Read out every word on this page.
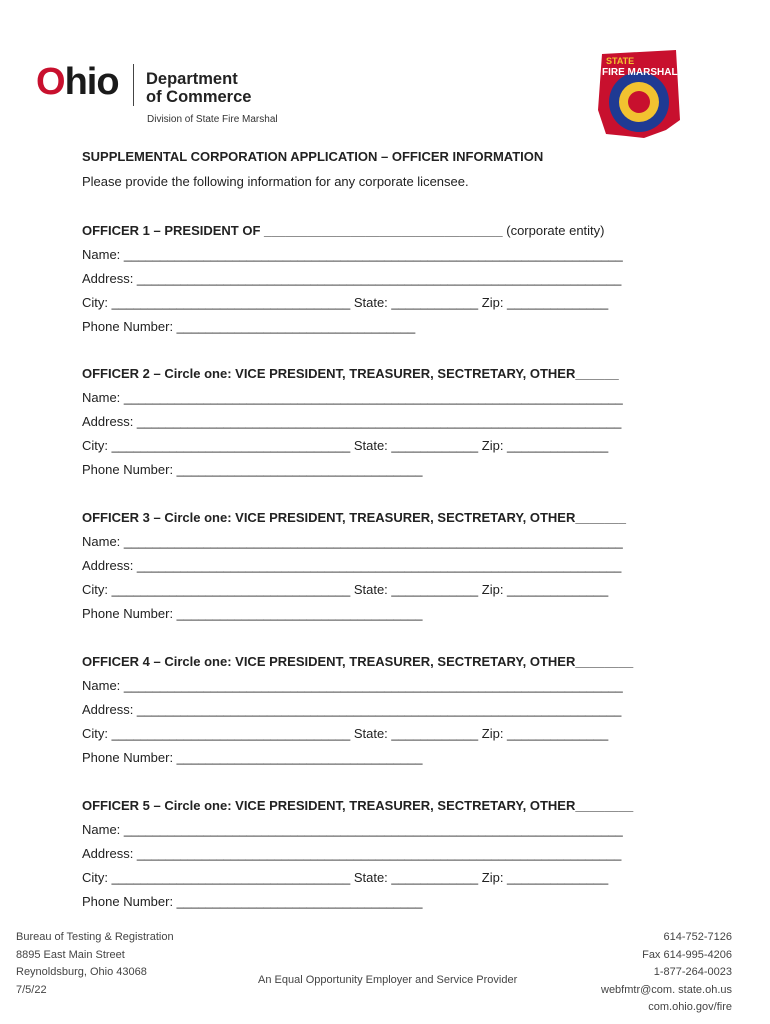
Ohio Department
of Commerce
Division of State Fire Marshal
STATE
FIRE MARSHAL
SUPPLEMENTAL CORPORATION APPLICATION – OFFICER INFORMATION
Please provide the following information for any corporate licensee.
OFFICER 1 – PRESIDENT OF _________________________________ (corporate entity)
Name: _____________________________________________________________________
Address: ___________________________________________________________________
City: _________________________________ State: ____________ Zip: ______________
Phone Number: _________________________________
OFFICER 2 – Circle one: VICE PRESIDENT, TREASURER, SECTRETARY, OTHER______
Name: _____________________________________________________________________
Address: ___________________________________________________________________
City: _________________________________ State: ____________ Zip: ______________
Phone Number: __________________________________
OFFICER 3 – Circle one: VICE PRESIDENT, TREASURER, SECTRETARY, OTHER_______
Name: _____________________________________________________________________
Address: ___________________________________________________________________
City: _________________________________ State: ____________ Zip: ______________
Phone Number: __________________________________
OFFICER 4 – Circle one: VICE PRESIDENT, TREASURER, SECTRETARY, OTHER________
Name: _____________________________________________________________________
Address: ___________________________________________________________________
City: _________________________________ State: ____________ Zip: ______________
Phone Number: __________________________________
OFFICER 5 – Circle one: VICE PRESIDENT, TREASURER, SECTRETARY, OTHER________
Name: _____________________________________________________________________
Address: ___________________________________________________________________
City: _________________________________ State: ____________ Zip: ______________
Phone Number: __________________________________
Bureau of Testing & Registration
8895 East Main Street
Reynoldsburg, Ohio 43068
7/5/22
An Equal Opportunity Employer and Service Provider
614-752-7126
Fax 614-995-4206
1-877-264-0023
webfmtr@com. state.oh.us
com.ohio.gov/fire
